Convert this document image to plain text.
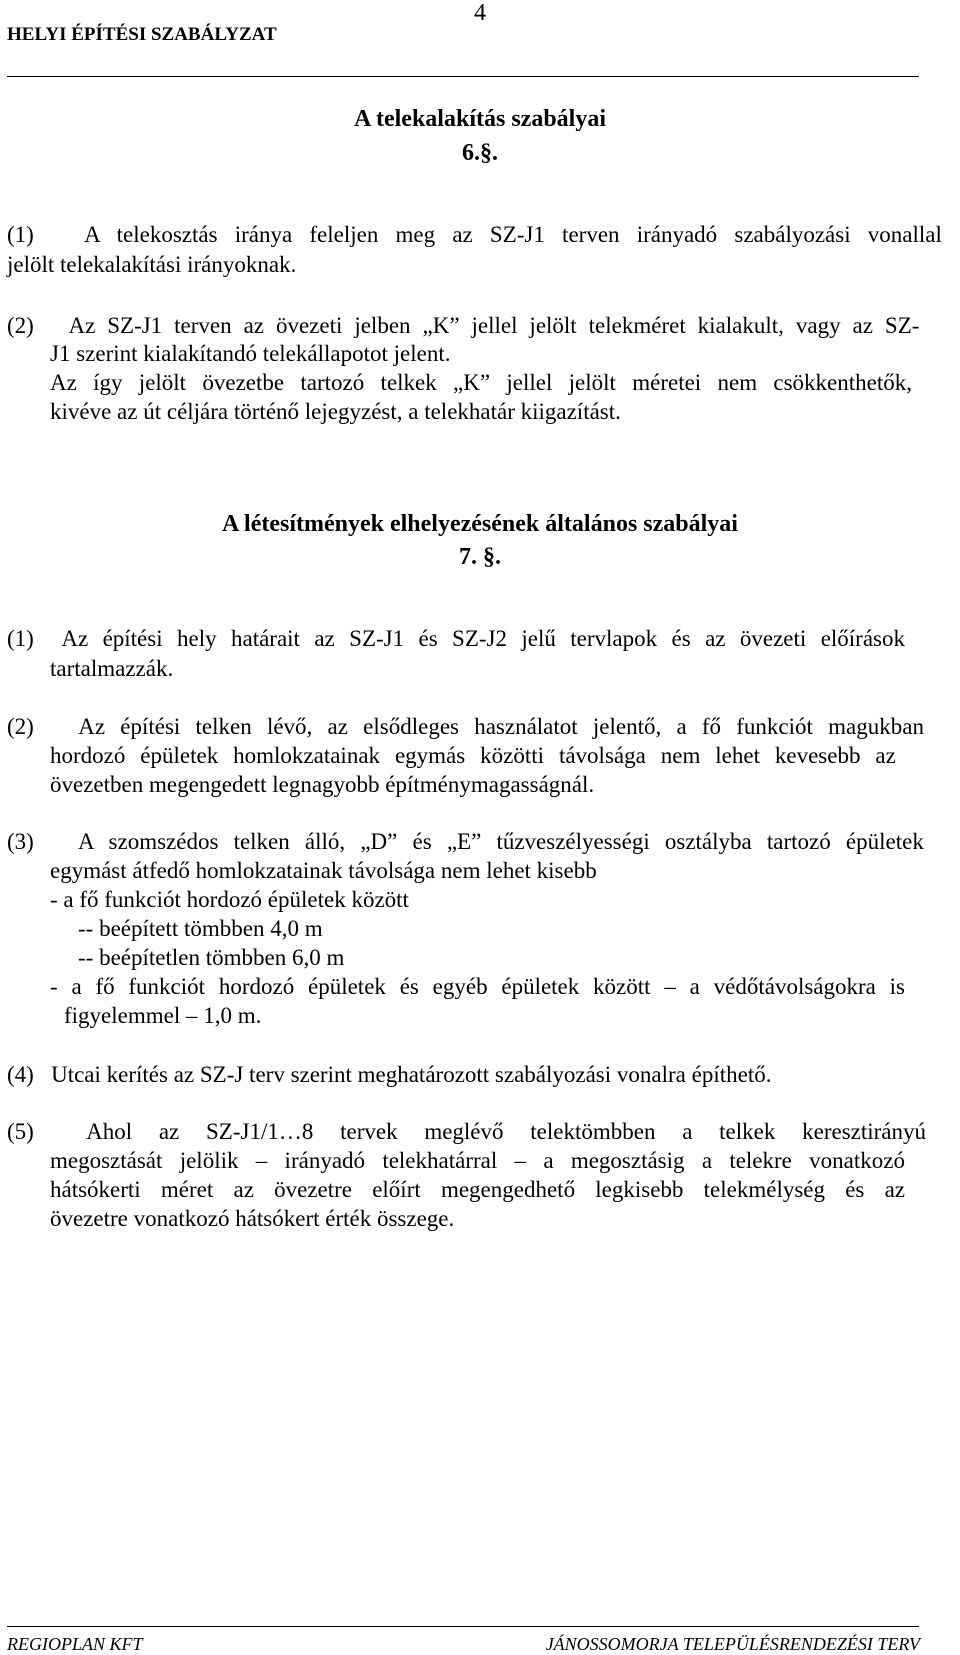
HELYI ÉPÍTÉSI SZABÁLYZAT
4
A telekalakítás szabályai
6.§.
(1) A telekosztás iránya feleljen meg az SZ-J1 terven irányadó szabályozási vonallal
jelölt telekalakítási irányoknak.
(2) Az SZ-J1 terven az övezeti jelben „K” jellel jelölt telekméret kialakult, vagy az SZ-
J1 szerint kialakítandó telekállapotot jelent.
Az így jelölt övezetbe tartozó telkek „K” jellel jelölt méretei nem csökkenthetők,
kivéve az út céljára történő lejegyzést, a telekhatár kiigazítást.
A létesítmények elhelyezésének általános szabályai
7. §.
(1) Az építési hely határait az SZ-J1 és SZ-J2 jelű tervlapok és az övezeti előírások
tartalmazzák.
(2) Az építési telken lévő, az elsődleges használatot jelentő, a fő funkciót magukban
hordozó épületek homlokzatainak egymás közötti távolsága nem lehet kevesebb az
övezetben megengedett legnagyobb építménymagasságnál.
(3) A szomszédos telken álló, „D” és „E” tűzveszélyességi osztályba tartozó épületek
egymást átfedő homlokzatainak távolsága nem lehet kisebb
- a fő funkciót hordozó épületek között
-- beépített tömbben 4,0 m
-- beépítetlen tömbben 6,0 m
- a fő funkciót hordozó épületek és egyéb épületek között – a védőtávolságokra is
figyelemmel – 1,0 m.
(4) Utcai kerítés az SZ-J terv szerint meghatározott szabályozási vonalra építhető.
(5) Ahol az SZ-J1/1…8 tervek meglévő telektömbben a telkek keresztirányú
megosztását jelölik – irányadó telekhatárral – a megosztásig a telekre vonatkozó
hátsókerti méret az övezetre előírt megengedhető legkisebb telekmélység és az
övezetre vonatkozó hátsókert érték összege.
REGIOPLAN KFT	JÁNOSSOMORJA TELEPÜLÉSRENDEZÉSI TERV
